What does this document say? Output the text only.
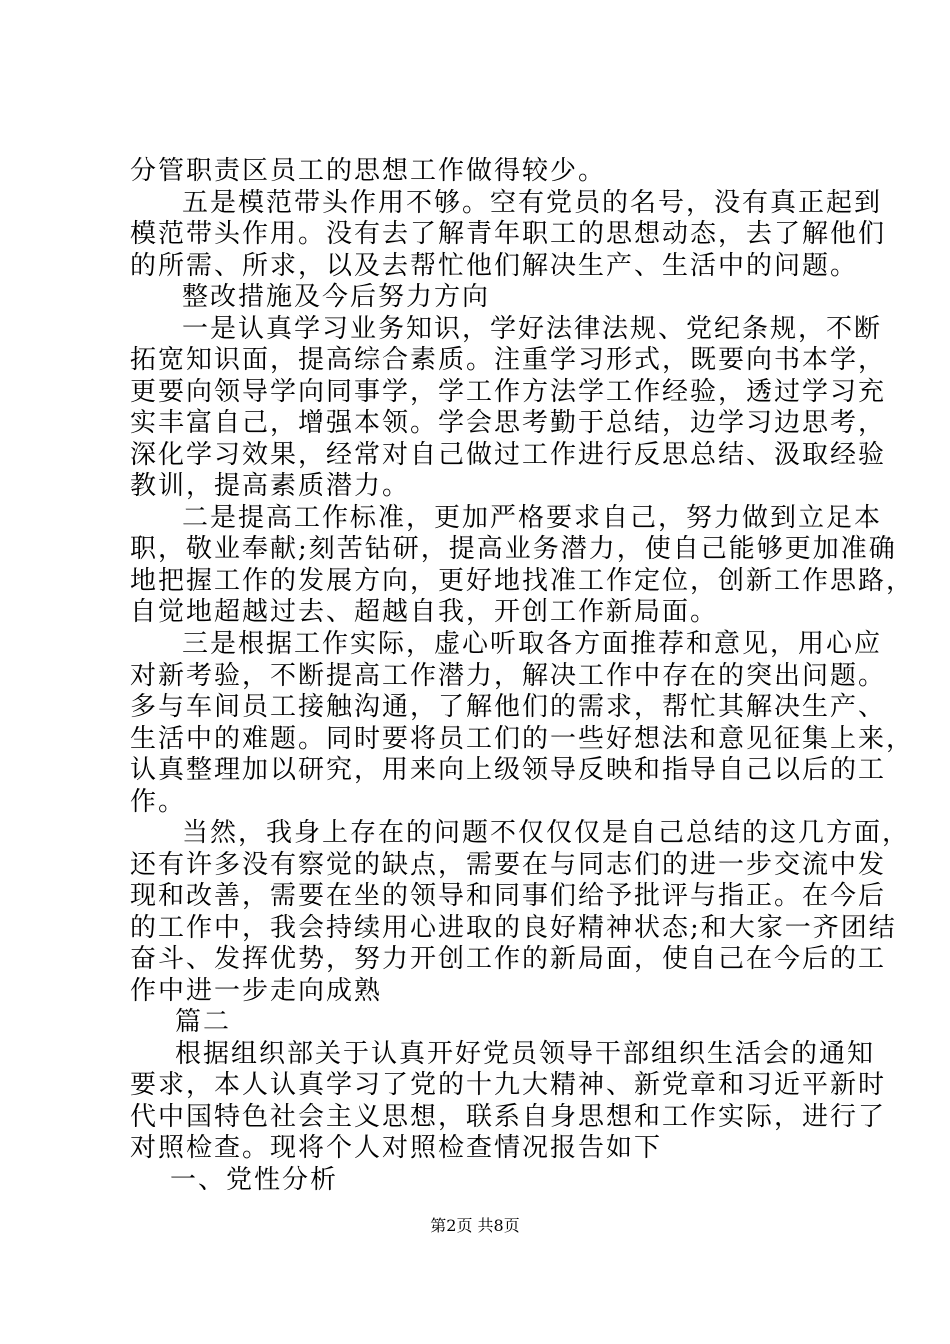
分管职责区员工的思想工作做得较少。
五是模范带头作用不够。空有党员的名号，没有真正起到
模范带头作用。没有去了解青年职工的思想动态，去了解他们
的所需、所求，以及去帮忙他们解决生产、生活中的问题。
整改措施及今后努力方向
一是认真学习业务知识，学好法律法规、党纪条规，不断
拓宽知识面，提高综合素质。注重学习形式，既要向书本学，
更要向领导学向同事学，学工作方法学工作经验，透过学习充
实丰富自己，增强本领。学会思考勤于总结，边学习边思考，
深化学习效果，经常对自己做过工作进行反思总结、汲取经验
教训，提高素质潜力。
二是提高工作标准，更加严格要求自己，努力做到立足本
职，敬业奉献;刻苦钻研，提高业务潜力，使自己能够更加准确
地把握工作的发展方向，更好地找准工作定位，创新工作思路，
自觉地超越过去、超越自我，开创工作新局面。
三是根据工作实际，虚心听取各方面推荐和意见，用心应
对新考验，不断提高工作潜力，解决工作中存在的突出问题。
多与车间员工接触沟通，了解他们的需求，帮忙其解决生产、
生活中的难题。同时要将员工们的一些好想法和意见征集上来，
认真整理加以研究，用来向上级领导反映和指导自己以后的工
作。
当然，我身上存在的问题不仅仅仅是自己总结的这几方面，
还有许多没有察觉的缺点，需要在与同志们的进一步交流中发
现和改善，需要在坐的领导和同事们给予批评与指正。在今后
的工作中，我会持续用心进取的良好精神状态;和大家一齐团结
奋斗、发挥优势，努力开创工作的新局面，使自己在今后的工
作中进一步走向成熟
篇二
根据组织部关于认真开好党员领导干部组织生活会的通知
要求，本人认真学习了党的十九大精神、新党章和习近平新时
代中国特色社会主义思想，联系自身思想和工作实际，进行了
对照检查。现将个人对照检查情况报告如下
一、党性分析
第2页 共8页
